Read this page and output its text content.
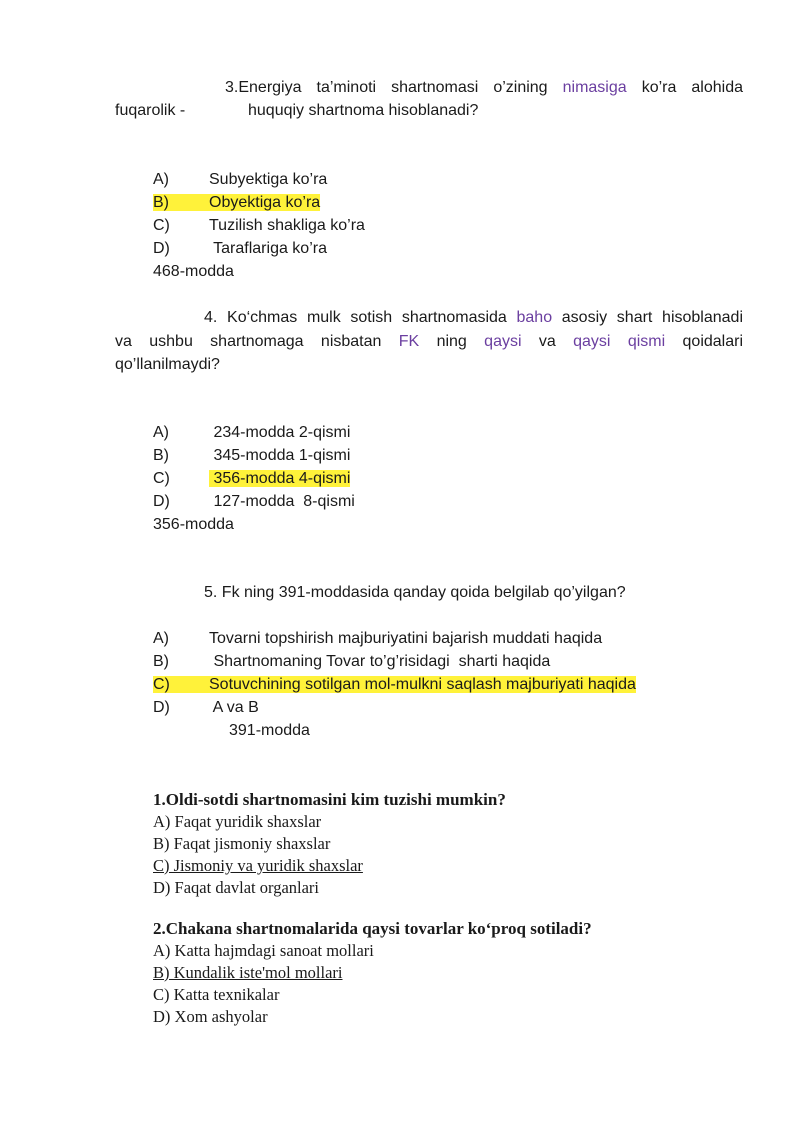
3.Energiya ta’minoti shartnomasi o’zining nimasiga ko’ra alohida
fuqarolik -	huquqiy shartnoma hisoblanadi?
A)	Subyektiga ko’ra
B)	Obyektiga ko’ra
C) Tuzilish shakliga ko’ra
D) Taraflariga ko’ra
468-modda
4. Ko‘chmas mulk sotish shartnomasida baho asosiy shart hisoblanadi
va ushbu shartnomaga nisbatan FK ning qaysi va qaysi qismi qoidalari
qo’llanilmaydi?
A)	234-modda 2-qismi
B)	345-modda 1-qismi
C) 356-modda 4-qismi
D) 127-modda  8-qismi
356-modda
5. Fk ning 391-moddasida qanday qoida belgilab qo’yilgan?
A)	Tovarni topshirish majburiyatini bajarish muddati haqida
B)	Shartnomaning Tovar to’g’risidagi  sharti haqida
C) Sotuvchining sotilgan mol-mulkni saqlash majburiyati haqida
D) A va B
391-modda
1.Oldi-sotdi shartnomasini kim tuzishi mumkin?
A) Faqat yuridik shaxslar
B) Faqat jismoniy shaxslar
C) Jismoniy va yuridik shaxslar
D) Faqat davlat organlari
2.Chakana shartnomalarida qaysi tovarlar ko‘proq sotiladi?
A) Katta hajmdagi sanoat mollari
B) Kundalik iste'mol mollari
C) Katta texnikalar
D) Xom ashyolar
